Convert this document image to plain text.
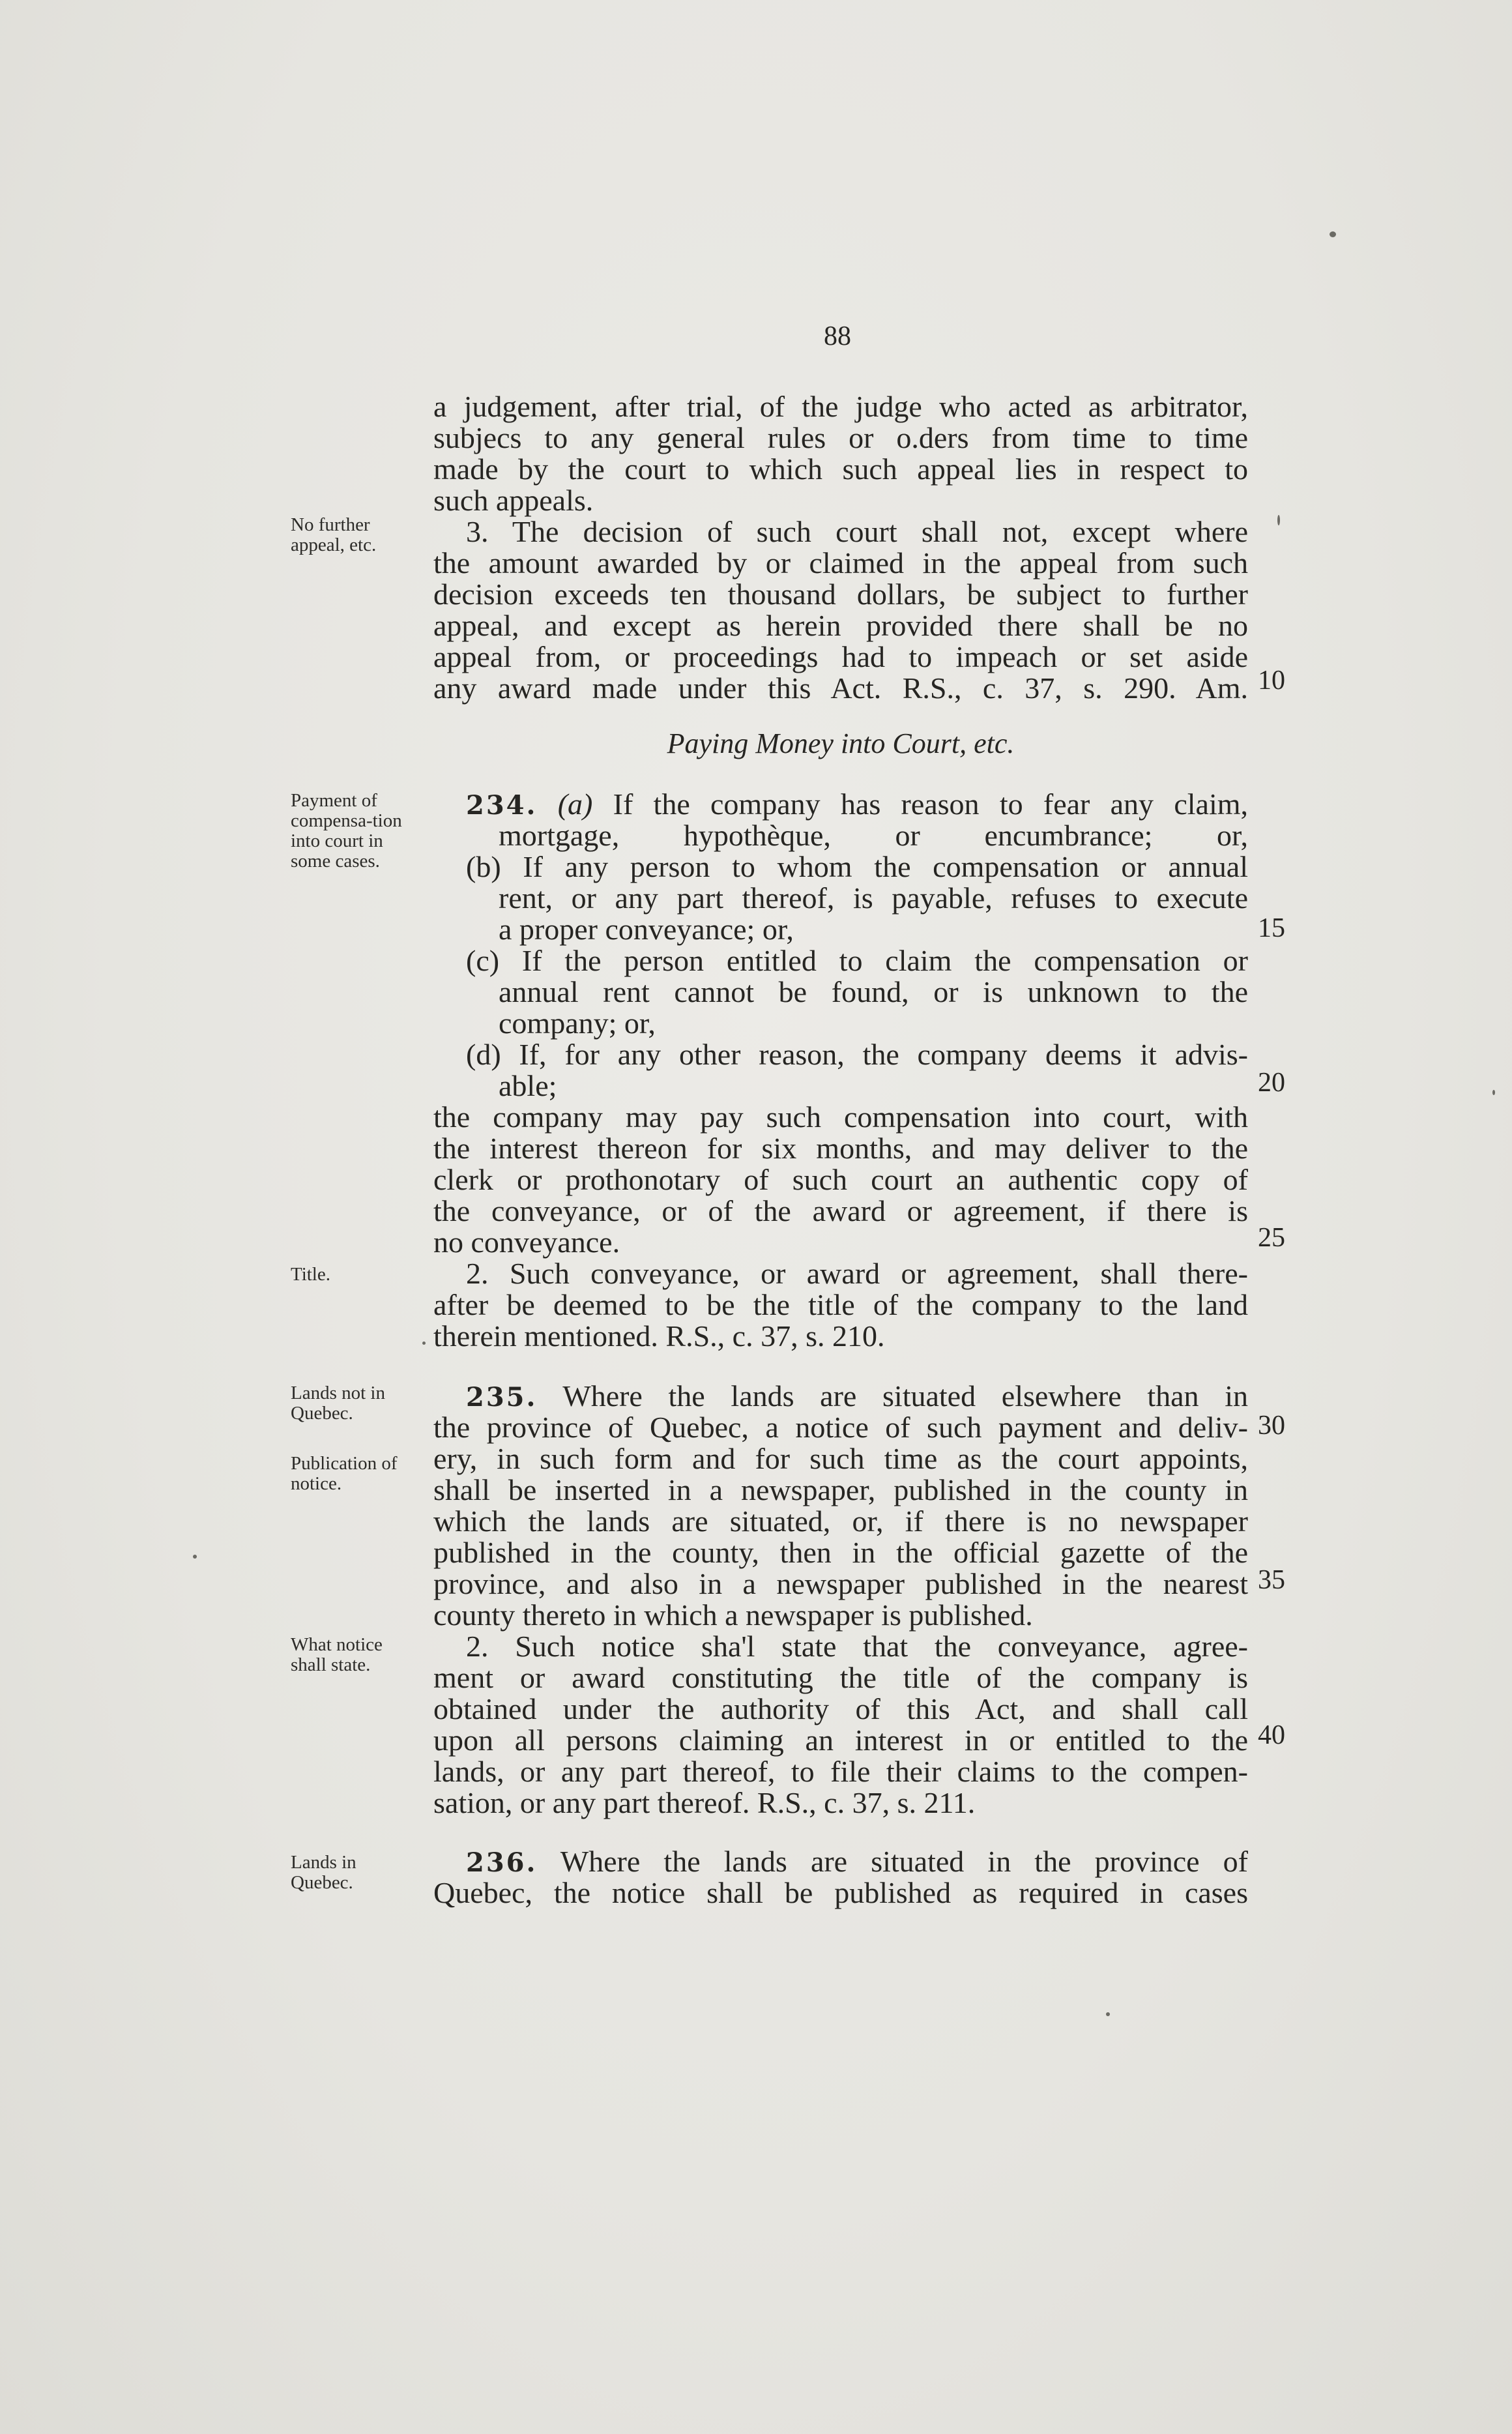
88
a judgement, after trial, of the judge who acted as arbitrator,
subjecs to any general rules or o.ders from time to time
made by the court to which such appeal lies in respect to
such appeals.
3. The decision of such court shall not, except where
the amount awarded by or claimed in the appeal from such
decision exceeds ten thousand dollars, be subject to further
appeal, and except as herein provided there shall be no
appeal from, or proceedings had to impeach or set aside
any award made under this Act. R.S., c. 37, s. 290. Am.
Paying Money into Court, etc.
234. (a) If the company has reason to fear any claim,
mortgage, hypothèque, or encumbrance; or,
(b) If any person to whom the compensation or annual
rent, or any part thereof, is payable, refuses to execute
a proper conveyance; or,
(c) If the person entitled to claim the compensation or
annual rent cannot be found, or is unknown to the
company; or,
(d) If, for any other reason, the company deems it advis-
able;
the company may pay such compensation into court, with
the interest thereon for six months, and may deliver to the
clerk or prothonotary of such court an authentic copy of
the conveyance, or of the award or agreement, if there is
no conveyance.
2. Such conveyance, or award or agreement, shall there-
after be deemed to be the title of the company to the land
therein mentioned. R.S., c. 37, s. 210.
235. Where the lands are situated elsewhere than in
the province of Quebec, a notice of such payment and deliv-
ery, in such form and for such time as the court appoints,
shall be inserted in a newspaper, published in the county in
which the lands are situated, or, if there is no newspaper
published in the county, then in the official gazette of the
province, and also in a newspaper published in the nearest
county thereto in which a newspaper is published.
2. Such notice sha'l state that the conveyance, agree-
ment or award constituting the title of the company is
obtained under the authority of this Act, and shall call
upon all persons claiming an interest in or entitled to the
lands, or any part thereof, to file their claims to the compen-
sation, or any part thereof. R.S., c. 37, s. 211.
236. Where the lands are situated in the province of
Quebec, the notice shall be published as required in cases
10
15
20
25
30
35
40
No further appeal, etc.
Payment of compensa-tion into court in some cases.
Title.
Lands not in Quebec.
Publication of notice.
What notice shall state.
Lands in Quebec.
